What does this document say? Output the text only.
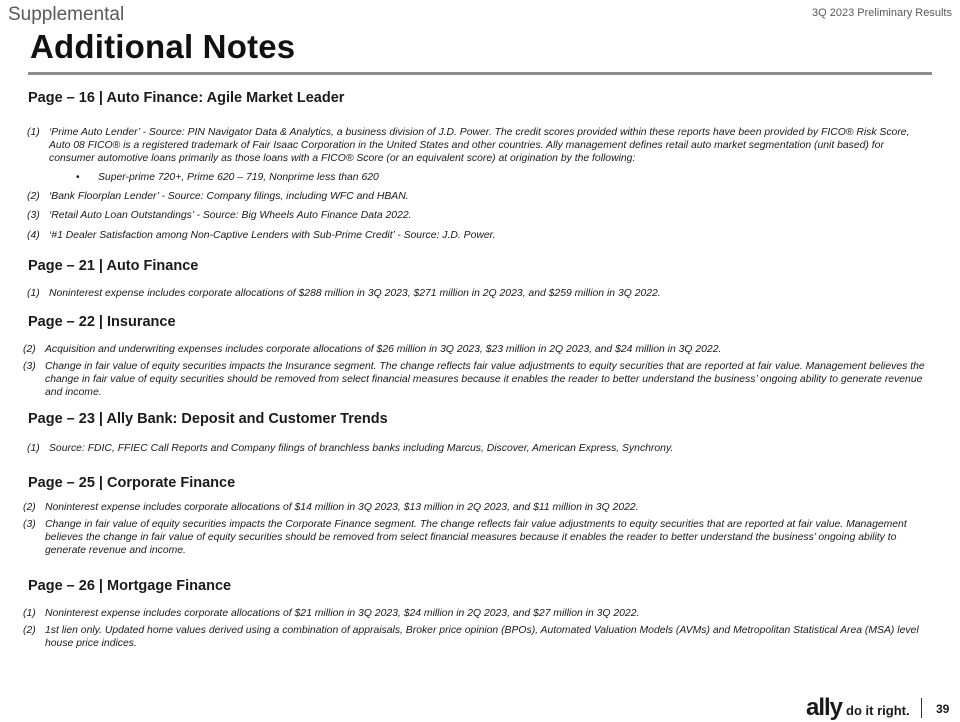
Supplemental	3Q 2023 Preliminary Results
Additional Notes
Page – 16 | Auto Finance: Agile Market Leader
(1) ‘Prime Auto Lender’ - Source: PIN Navigator Data & Analytics, a business division of J.D. Power. The credit scores provided within these reports have been provided by FICO® Risk Score, Auto 08 FICO® is a registered trademark of Fair Isaac Corporation in the United States and other countries. Ally management defines retail auto market segmentation (unit based) for consumer automotive loans primarily as those loans with a FICO® Score (or an equivalent score) at origination by the following:
• Super-prime 720+, Prime 620 – 719, Nonprime less than 620
(2) ‘Bank Floorplan Lender’ - Source: Company filings, including WFC and HBAN.
(3) ‘Retail Auto Loan Outstandings’ - Source: Big Wheels Auto Finance Data 2022.
(4) ‘#1 Dealer Satisfaction among Non-Captive Lenders with Sub-Prime Credit’ - Source: J.D. Power.
Page – 21 | Auto Finance
(1) Noninterest expense includes corporate allocations of $288 million in 3Q 2023, $271 million in 2Q 2023, and $259 million in 3Q 2022.
Page – 22 | Insurance
(2) Acquisition and underwriting expenses includes corporate allocations of $26 million in 3Q 2023, $23 million in 2Q 2023, and $24 million in 3Q 2022.
(3) Change in fair value of equity securities impacts the Insurance segment. The change reflects fair value adjustments to equity securities that are reported at fair value. Management believes the change in fair value of equity securities should be removed from select financial measures because it enables the reader to better understand the business’ ongoing ability to generate revenue and income.
Page – 23 | Ally Bank: Deposit and Customer Trends
(1) Source: FDIC, FFIEC Call Reports and Company filings of branchless banks including Marcus, Discover, American Express, Synchrony.
Page – 25 | Corporate Finance
(2) Noninterest expense includes corporate allocations of $14 million in 3Q 2023, $13 million in 2Q 2023, and $11 million in 3Q 2022.
(3) Change in fair value of equity securities impacts the Corporate Finance segment. The change reflects fair value adjustments to equity securities that are reported at fair value. Management believes the change in fair value of equity securities should be removed from select financial measures because it enables the reader to better understand the business’ ongoing ability to generate revenue and income.
Page – 26 | Mortgage Finance
(1) Noninterest expense includes corporate allocations of $21 million in 3Q 2023, $24 million in 2Q 2023, and $27 million in 3Q 2022.
(2) 1st lien only. Updated home values derived using a combination of appraisals, Broker price opinion (BPOs), Automated Valuation Models (AVMs) and Metropolitan Statistical Area (MSA) level house price indices.
ally do it right. 39
